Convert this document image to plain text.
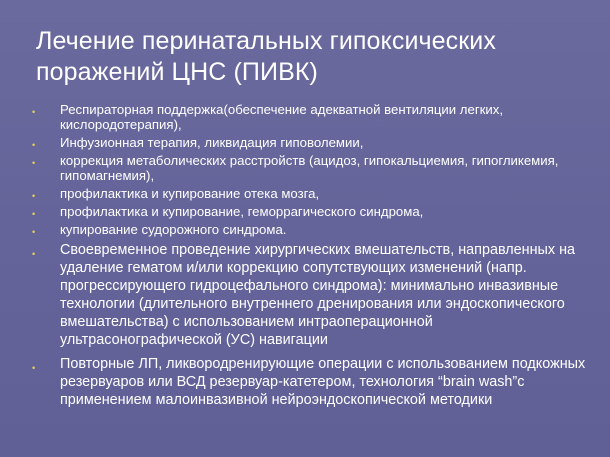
Лечение перинатальных гипоксических
поражений ЦНС (ПИВК)
• Респираторная поддержка(обеспечение адекватной вентиляции легких, кислородотерапия),
• Инфузионная терапия, ликвидация гиповолемии,
• коррекция метаболических расстройств (ацидоз, гипокальциемия, гипогликемия, гипомагнемия),
• профилактика и купирование отека мозга,
• профилактика и купирование, геморрагического синдрома,
• купирование судорожного синдрома.
• Своевременное проведение хирургических вмешательств, направленных на удаление гематом и/или коррекцию сопутствующих изменений (напр. прогрессирующего гидроцефального синдрома): минимально инвазивные технологии (длительного внутреннего дренирования или эндоскопического вмешательства) с использованием интраоперационной ультрасонографической (УС) навигации
• Повторные ЛП, ликвородренирующие операции с использованием подкожных резервуаров или ВСД резервуар-катетером, технология “brain wash”с применением малоинвазивной нейроэндоскопической методики
